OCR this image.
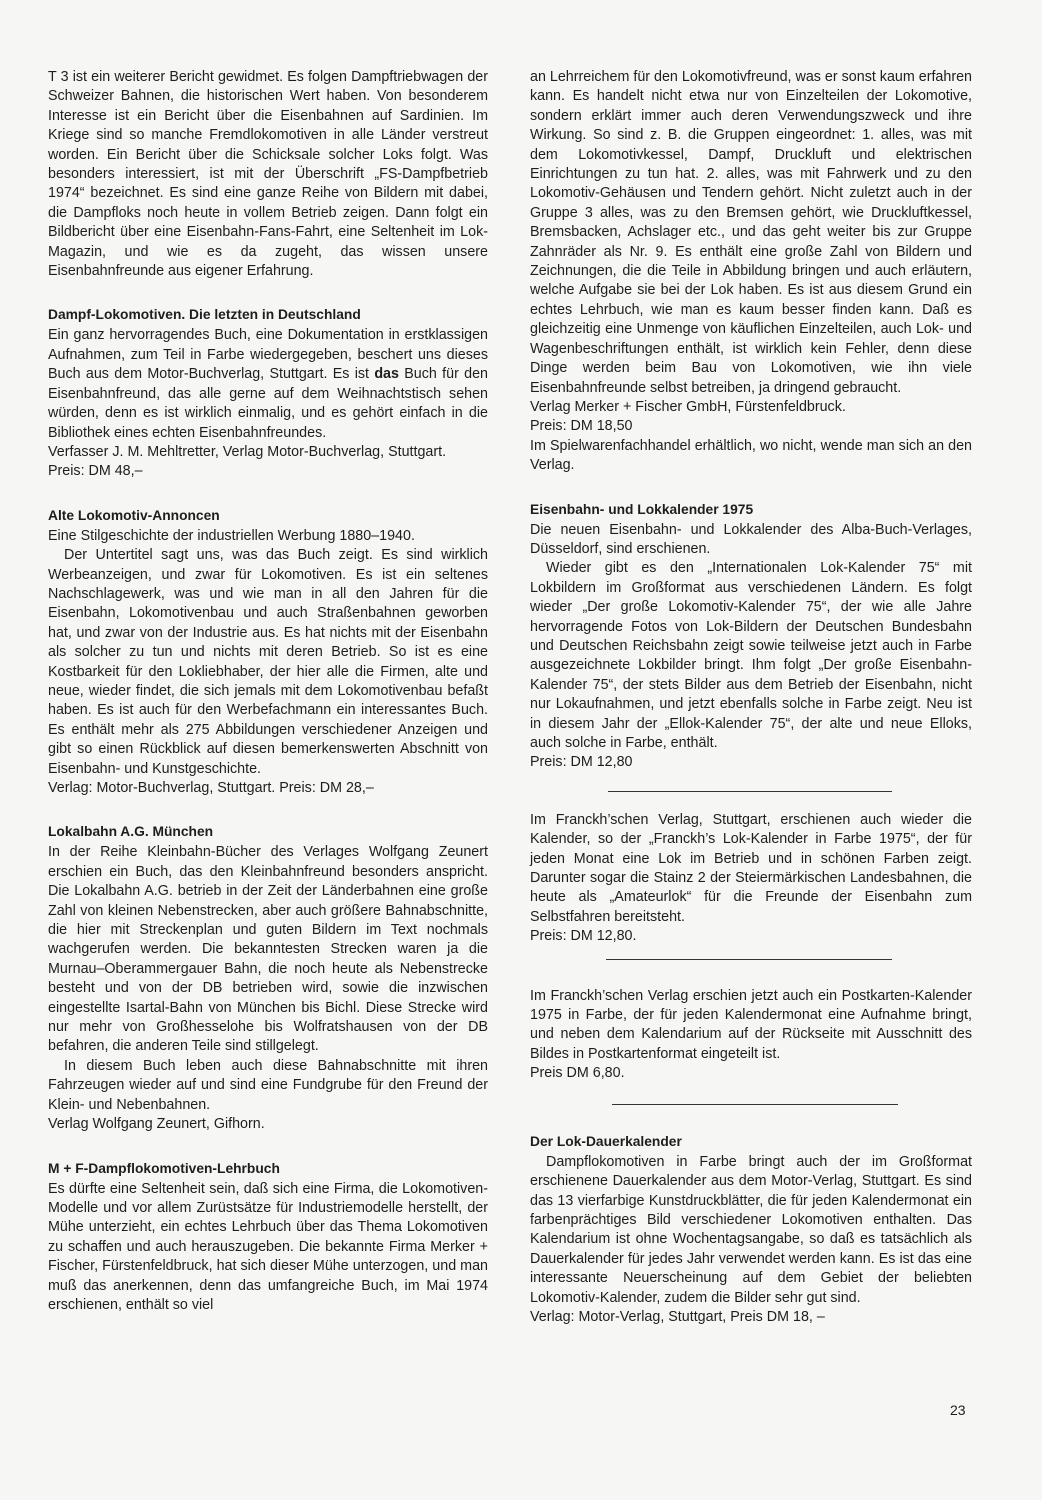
T 3 ist ein weiterer Bericht gewidmet. Es folgen Dampftriebwagen der Schweizer Bahnen, die historischen Wert haben. Von besonderem Interesse ist ein Bericht über die Eisenbahnen auf Sardinien. Im Kriege sind so manche Fremdlokomotiven in alle Länder verstreut worden. Ein Bericht über die Schicksale solcher Loks folgt. Was besonders interessiert, ist mit der Überschrift „FS-Dampfbetrieb 1974“ bezeichnet. Es sind eine ganze Reihe von Bildern mit dabei, die Dampfloks noch heute in vollem Betrieb zeigen. Dann folgt ein Bildbericht über eine Eisenbahn-Fans-Fahrt, eine Seltenheit im Lok-Magazin, und wie es da zugeht, das wissen unsere Eisenbahnfreunde aus eigener Erfahrung.

Dampf-Lokomotiven. Die letzten in Deutschland

Ein ganz hervorragendes Buch, eine Dokumentation in erstklassigen Aufnahmen, zum Teil in Farbe wiedergegeben, beschert uns dieses Buch aus dem Motor-Buchverlag, Stuttgart. Es ist das Buch für den Eisenbahnfreund, das alle gerne auf dem Weihnachtstisch sehen würden, denn es ist wirklich einmalig, und es gehört einfach in die Bibliothek eines echten Eisenbahnfreundes.

Verfasser J. M. Mehltretter, Verlag Motor-Buchverlag, Stuttgart.

Preis: DM 48,–

Alte Lokomotiv-Annoncen

Eine Stilgeschichte der industriellen Werbung 1880–1940.

Der Untertitel sagt uns, was das Buch zeigt. Es sind wirklich Werbeanzeigen, und zwar für Lokomotiven. Es ist ein seltenes Nachschlagewerk, was und wie man in all den Jahren für die Eisenbahn, Lokomotivenbau und auch Straßenbahnen geworben hat, und zwar von der Industrie aus. Es hat nichts mit der Eisenbahn als solcher zu tun und nichts mit deren Betrieb. So ist es eine Kostbarkeit für den Lokliebhaber, der hier alle die Firmen, alte und neue, wieder findet, die sich jemals mit dem Lokomotivenbau befaßt haben. Es ist auch für den Werbefachmann ein interessantes Buch. Es enthält mehr als 275 Abbildungen verschiedener Anzeigen und gibt so einen Rückblick auf diesen bemerkenswerten Abschnitt von Eisenbahn- und Kunstgeschichte.

Verlag: Motor-Buchverlag, Stuttgart. Preis: DM 28,–

Lokalbahn A.G. München

In der Reihe Kleinbahn-Bücher des Verlages Wolfgang Zeunert erschien ein Buch, das den Kleinbahnfreund besonders anspricht. Die Lokalbahn A.G. betrieb in der Zeit der Länderbahnen eine große Zahl von kleinen Nebenstrecken, aber auch größere Bahnabschnitte, die hier mit Streckenplan und guten Bildern im Text nochmals wachgerufen werden. Die bekanntesten Strecken waren ja die Murnau–Oberammergauer Bahn, die noch heute als Nebenstrecke besteht und von der DB betrieben wird, sowie die inzwischen eingestellte Isartal-Bahn von München bis Bichl. Diese Strecke wird nur mehr von Großhesselohe bis Wolfratshausen von der DB befahren, die anderen Teile sind stillgelegt.

In diesem Buch leben auch diese Bahnabschnitte mit ihren Fahrzeugen wieder auf und sind eine Fundgrube für den Freund der Klein- und Nebenbahnen.

Verlag Wolfgang Zeunert, Gifhorn.

M + F-Dampflokomotiven-Lehrbuch

Es dürfte eine Seltenheit sein, daß sich eine Firma, die Lokomotiven-Modelle und vor allem Zurüstsätze für Industriemodelle herstellt, der Mühe unterzieht, ein echtes Lehrbuch über das Thema Lokomotiven zu schaffen und auch herauszugeben. Die bekannte Firma Merker + Fischer, Fürstenfeldbruck, hat sich dieser Mühe unterzogen, und man muß das anerkennen, denn das umfangreiche Buch, im Mai 1974 erschienen, enthält so viel

an Lehrreichem für den Lokomotivfreund, was er sonst kaum erfahren kann. Es handelt nicht etwa nur von Einzelteilen der Lokomotive, sondern erklärt immer auch deren Verwendungszweck und ihre Wirkung. So sind z. B. die Gruppen eingeordnet: 1. alles, was mit dem Lokomotivkessel, Dampf, Druckluft und elektrischen Einrichtungen zu tun hat. 2. alles, was mit Fahrwerk und zu den Lokomotiv-Gehäusen und Tendern gehört. Nicht zuletzt auch in der Gruppe 3 alles, was zu den Bremsen gehört, wie Druckluftkessel, Bremsbacken, Achslager etc., und das geht weiter bis zur Gruppe Zahnräder als Nr. 9. Es enthält eine große Zahl von Bildern und Zeichnungen, die die Teile in Abbildung bringen und auch erläutern, welche Aufgabe sie bei der Lok haben. Es ist aus diesem Grund ein echtes Lehrbuch, wie man es kaum besser finden kann. Daß es gleichzeitig eine Unmenge von käuflichen Einzelteilen, auch Lok- und Wagenbeschriftungen enthält, ist wirklich kein Fehler, denn diese Dinge werden beim Bau von Lokomotiven, wie ihn viele Eisenbahnfreunde selbst betreiben, ja dringend gebraucht.

Verlag Merker + Fischer GmbH, Fürstenfeldbruck.

Preis: DM 18,50

Im Spielwarenfachhandel erhältlich, wo nicht, wende man sich an den Verlag.

Eisenbahn- und Lokkalender 1975

Die neuen Eisenbahn- und Lokkalender des Alba-Buch-Verlages, Düsseldorf, sind erschienen.

Wieder gibt es den „Internationalen Lok-Kalender 75“ mit Lokbildern im Großformat aus verschiedenen Ländern. Es folgt wieder „Der große Lokomotiv-Kalender 75“, der wie alle Jahre hervorragende Fotos von Lok-Bildern der Deutschen Bundesbahn und Deutschen Reichsbahn zeigt sowie teilweise jetzt auch in Farbe ausgezeichnete Lokbilder bringt. Ihm folgt „Der große Eisenbahn-Kalender 75“, der stets Bilder aus dem Betrieb der Eisenbahn, nicht nur Lokaufnahmen, und jetzt ebenfalls solche in Farbe zeigt. Neu ist in diesem Jahr der „Ellok-Kalender 75“, der alte und neue Elloks, auch solche in Farbe, enthält.

Preis: DM 12,80

Im Franckh’schen Verlag, Stuttgart, erschienen auch wieder die Kalender, so der „Franckh’s Lok-Kalender in Farbe 1975“, der für jeden Monat eine Lok im Betrieb und in schönen Farben zeigt. Darunter sogar die Stainz 2 der Steiermärkischen Landesbahnen, die heute als „Amateurlok“ für die Freunde der Eisenbahn zum Selbstfahren bereitsteht.

Preis: DM 12,80.

Im Franckh’schen Verlag erschien jetzt auch ein Postkarten-Kalender 1975 in Farbe, der für jeden Kalendermonat eine Aufnahme bringt, und neben dem Kalendarium auf der Rückseite mit Ausschnitt des Bildes in Postkartenformat eingeteilt ist.

Preis DM 6,80.

Der Lok-Dauerkalender

Dampflokomotiven in Farbe bringt auch der im Großformat erschienene Dauerkalender aus dem Motor-Verlag, Stuttgart. Es sind das 13 vierfarbige Kunstdruckblätter, die für jeden Kalendermonat ein farbenprächtiges Bild verschiedener Lokomotiven enthalten. Das Kalendarium ist ohne Wochentagsangabe, so daß es tatsächlich als Dauerkalender für jedes Jahr verwendet werden kann. Es ist das eine interessante Neuerscheinung auf dem Gebiet der beliebten Lokomotiv-Kalender, zudem die Bilder sehr gut sind.

Verlag: Motor-Verlag, Stuttgart, Preis DM 18, –

23
